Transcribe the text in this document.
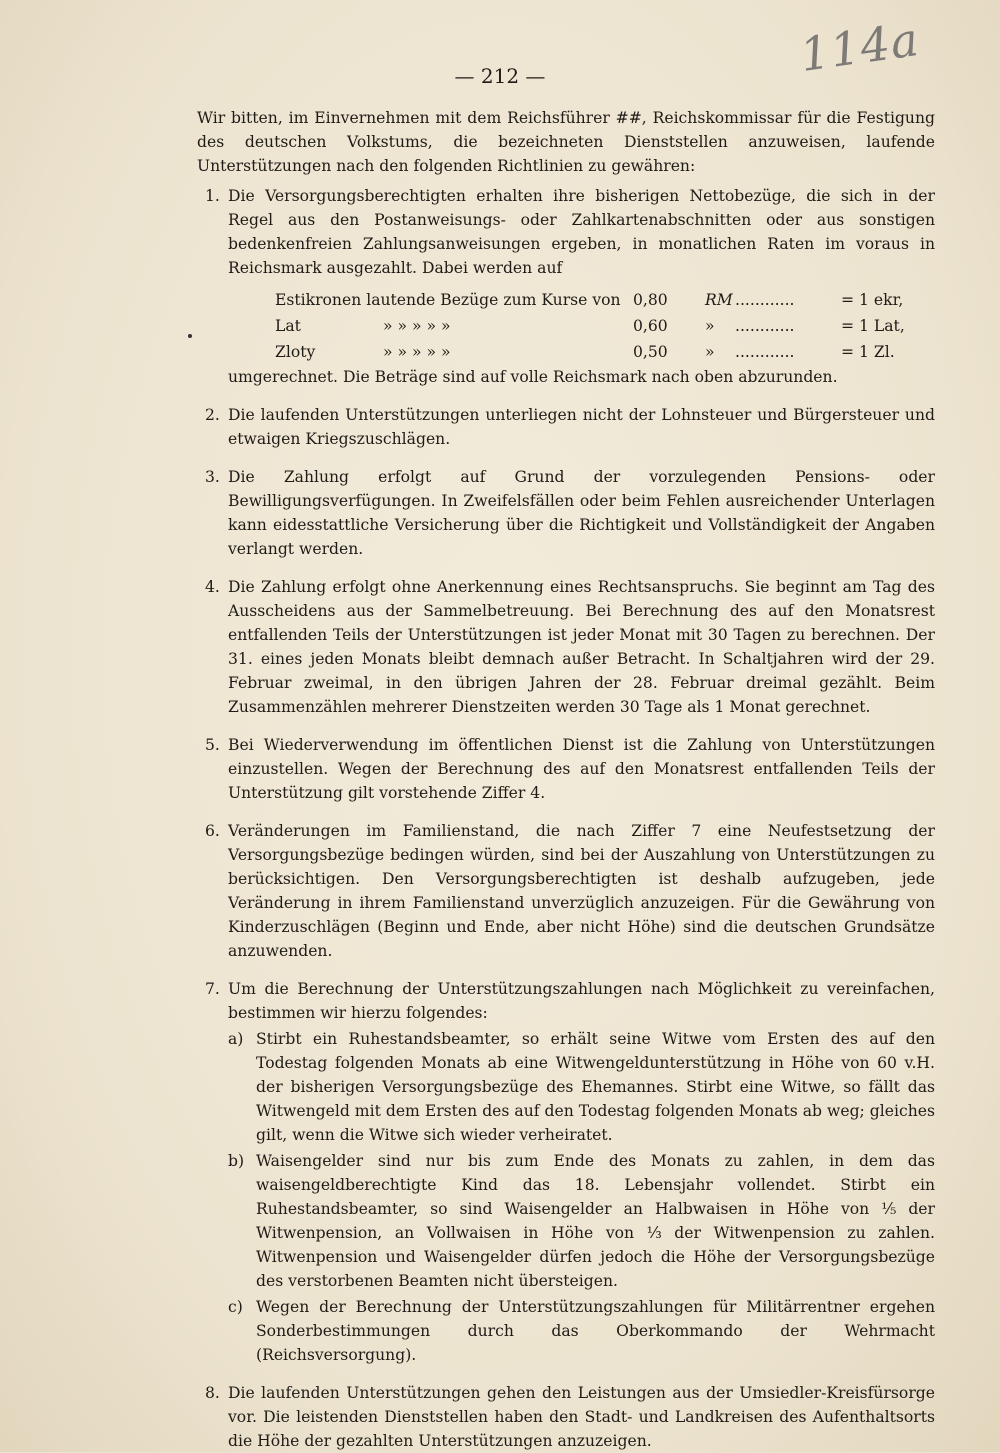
114a
— 212 —

Wir bitten, im Einvernehmen mit dem Reichsführer ##, Reichskommissar für die Festigung des deutschen Volkstums, die bezeichneten Dienststellen anzuweisen, laufende Unterstützungen nach den folgenden Richtlinien zu gewähren:

1. Die Versorgungsberechtigten erhalten ihre bisherigen Nettobezüge, die sich in der Regel aus den Postanweisungs- oder Zahlkartenabschnitten oder aus sonstigen bedenkenfreien Zahlungsanweisungen ergeben, in monatlichen Raten im voraus in Reichsmark ausgezahlt. Dabei werden auf

Estikronen lautende Bezüge zum Kurse von 0,80	RM ............	= 1 ekr,
Lat	» » » » »	0,60	»	............	= 1 Lat,
Zloty	» » » » »	0,50	»	............	= 1 Zl.

umgerechnet. Die Beträge sind auf volle Reichsmark nach oben abzurunden.

2. Die laufenden Unterstützungen unterliegen nicht der Lohnsteuer und Bürgersteuer und etwaigen Kriegszuschlägen.

3. Die Zahlung erfolgt auf Grund der vorzulegenden Pensions- oder Bewilligungsverfügungen. In Zweifelsfällen oder beim Fehlen ausreichender Unterlagen kann eidesstattliche Versicherung über die Richtigkeit und Vollständigkeit der Angaben verlangt werden.

4. Die Zahlung erfolgt ohne Anerkennung eines Rechtsanspruchs. Sie beginnt am Tag des Ausscheidens aus der Sammelbetreuung. Bei Berechnung des auf den Monatsrest entfallenden Teils der Unterstützungen ist jeder Monat mit 30 Tagen zu berechnen. Der 31. eines jeden Monats bleibt demnach außer Betracht. In Schaltjahren wird der 29. Februar zweimal, in den übrigen Jahren der 28. Februar dreimal gezählt. Beim Zusammenzählen mehrerer Dienstzeiten werden 30 Tage als 1 Monat gerechnet.

5. Bei Wiederverwendung im öffentlichen Dienst ist die Zahlung von Unterstützungen einzustellen. Wegen der Berechnung des auf den Monatsrest entfallenden Teils der Unterstützung gilt vorstehende Ziffer 4.

6. Veränderungen im Familienstand, die nach Ziffer 7 eine Neufestsetzung der Versorgungsbezüge bedingen würden, sind bei der Auszahlung von Unterstützungen zu berücksichtigen. Den Versorgungsberechtigten ist deshalb aufzugeben, jede Veränderung in ihrem Familienstand unverzüglich anzuzeigen. Für die Gewährung von Kinderzuschlägen (Beginn und Ende, aber nicht Höhe) sind die deutschen Grundsätze anzuwenden.

7. Um die Berechnung der Unterstützungszahlungen nach Möglichkeit zu vereinfachen, bestimmen wir hierzu folgendes:

a) Stirbt ein Ruhestandsbeamter, so erhält seine Witwe vom Ersten des auf den Todestag folgenden Monats ab eine Witwengeldunterstützung in Höhe von 60 v.H. der bisherigen Versorgungsbezüge des Ehemannes. Stirbt eine Witwe, so fällt das Witwengeld mit dem Ersten des auf den Todestag folgenden Monats ab weg; gleiches gilt, wenn die Witwe sich wieder verheiratet.

b) Waisengelder sind nur bis zum Ende des Monats zu zahlen, in dem das waisengeldberechtigte Kind das 18. Lebensjahr vollendet. Stirbt ein Ruhestandsbeamter, so sind Waisengelder an Halbwaisen in Höhe von ⅕ der Witwenpension, an Vollwaisen in Höhe von ⅓ der Witwenpension zu zahlen. Witwenpension und Waisengelder dürfen jedoch die Höhe der Versorgungsbezüge des verstorbenen Beamten nicht übersteigen.

c) Wegen der Berechnung der Unterstützungszahlungen für Militärrentner ergehen Sonderbestimmungen durch das Oberkommando der Wehrmacht (Reichsversorgung).

8. Die laufenden Unterstützungen gehen den Leistungen aus der Umsiedler-Kreisfürsorge vor. Die leistenden Dienststellen haben den Stadt- und Landkreisen des Aufenthaltsorts die Höhe der gezahlten Unterstützungen anzuzeigen.
